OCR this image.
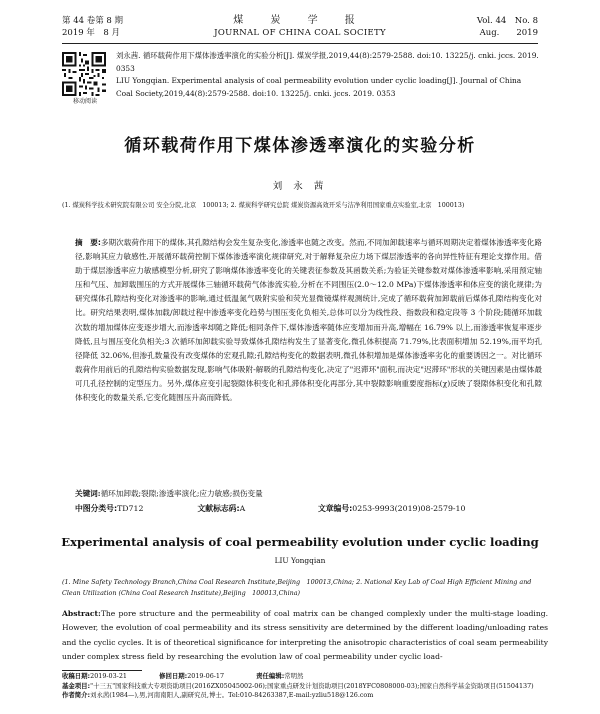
第 44 卷第 8 期
2019 年　8 月
煤 炭 学 报
JOURNAL OF CHINA COAL SOCIETY
Vol. 44　No. 8
Aug.　　2019
移动阅读
刘永茜. 循环载荷作用下煤体渗透率演化的实验分析[J]. 煤炭学报,2019,44(8):2579-2588. doi:10. 13225/j. cnki. jccs. 2019. 0353
LIU Yongqian. Experimental analysis of coal permeability evolution under cyclic loading[J]. Journal of China Coal Society,2019,44(8):2579-2588. doi:10. 13225/j. cnki. jccs. 2019. 0353
循环载荷作用下煤体渗透率演化的实验分析
刘 永 茜
(1. 煤炭科学技术研究院有限公司 安全分院,北京　100013; 2. 煤炭科学研究总院 煤炭资源高效开采与洁净利用国家重点实验室,北京　100013)
摘　要:多期次载荷作用下的煤体,其孔隙结构会发生复杂变化,渗透率也随之改变。然而,不同加卸载速率与循环周期决定着煤体渗透率变化路径,影响其应力敏感性,开展循环载荷控制下煤体渗透率演化规律研究,对于解释复杂应力场下煤层渗透率的各向异性特征有理论支撑作用。借助于煤层渗透率应力敏感模型分析,研究了影响煤体渗透率变化的关键表征参数及其函数关系;为验证关键参数对煤体渗透率影响,采用预定轴压和气压、加卸载围压的方式开展煤体三轴循环载荷气体渗流实验,分析在不同围压(2.0～12.0 MPa)下煤体渗透率和体应变的演化规律;为研究煤体孔隙结构变化对渗透率的影响,通过低温氮气吸附实验和荧光显微镜煤样观测统计,完成了循环载荷加卸载前后煤体孔隙结构变化对比。研究结果表明,煤体加载/卸载过程中渗透率变化趋势与围压变化负相关,总体可以分为线性段、指数段和稳定段等 3 个阶段;随循环加载次数的增加煤体应变逐步增大,而渗透率却随之降低;相同条件下,煤体渗透率随体应变增加而升高,增幅在 16.79% 以上,而渗透率恢复率逐步降低,且与围压变化负相关;3 次循环加卸载实验导致煤体孔隙结构发生了显著变化,微孔体积提高 71.79%,比表面积增加 52.19%,而平均孔径降低 32.06%,但渗孔数量没有改变煤体的宏观孔隙;孔隙结构变化的数据表明,微孔体积增加是煤体渗透率劣化的重要诱因之一。对比循环载荷作用前后的孔隙结构实验数据发现,影响气体吸附-解吸的孔隙结构变化,决定了"迟滞环"面积,而决定"迟滞环"形状的关键因素是由煤体最可几孔径控制的定型压力。另外,煤体应变引起裂隙体积变化和孔滞体积变化再部分,其中裂隙影响重要度指标(χ)反映了裂隙体积变化和孔隙体积变化的数量关系,它变化随围压升高而降低。
关键词:循环加卸载;裂隙;渗透率演化;应力敏感;损伤变量
中图分类号:TD712	文献标志码:A	文章编号:0253-9993(2019)08-2579-10
Experimental analysis of coal permeability evolution under cyclic loading
LIU Yongqian
(1. Mine Safety Technology Branch,China Coal Research Institute,Beijing　100013,China; 2. National Key Lab of Coal High Efficient Mining and Clean Utilization (China Coal Research Institute),Beijing　100013,China)
Abstract:The pore structure and the permeability of coal matrix can be changed complexly under the multi-stage loading. However, the evolution of coal permeability and its stress sensitivity are determined by the different loading/unloading rates and the cyclic cycles. It is of theoretical significance for interpreting the anisotropic characteristics of coal seam permeability under complex stress field by researching the evolution law of coal permeability under cyclic load-
收稿日期:2019-03-21	修回日期:2019-06-17	责任编辑:常明然
基金项目:"十三五"国家科技重大专项资助项目(2016ZX05045002-06);国家重点研发计划资助项目(2018YFC0808000-03);国家自然科学基金资助项目(51504137)
作者简介:刘永茜(1984—),男,河南南阳人,副研究员,博士。Tel:010-84263387,E-mail:yzliu518@126.com
